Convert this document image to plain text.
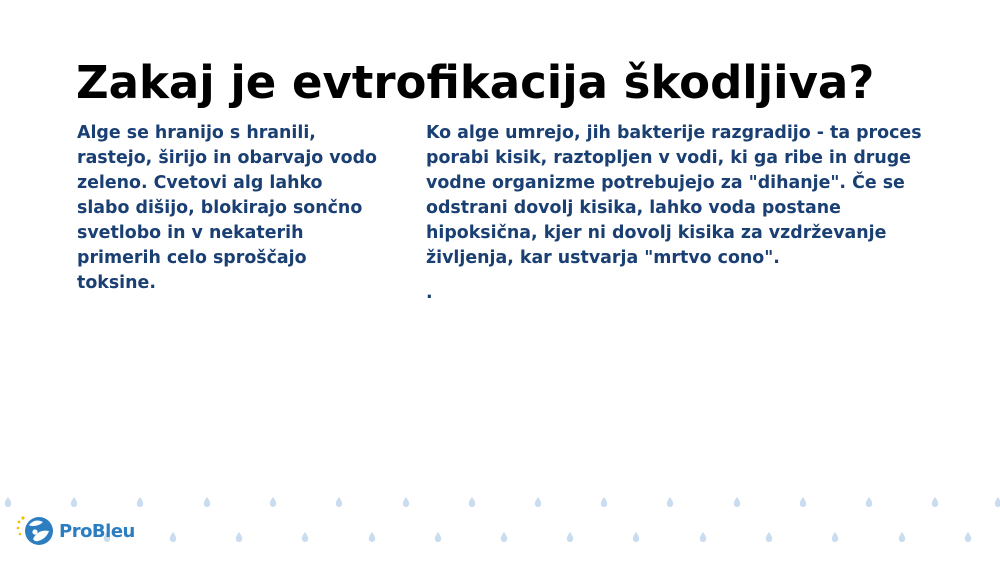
Zakaj je evtrofikacija škodljiva?

Alge se hranijo s hranili, rastejo, širijo in obarvajo vodo zeleno. Cvetovi alg lahko slabo dišijo, blokirajo sončno svetlobo in v nekaterih primerih celo sproščajo toksine.

Ko alge umrejo, jih bakterije razgradijo - ta proces porabi kisik, raztopljen v vodi, ki ga ribe in druge vodne organizme potrebujejo za "dihanje". Če se odstrani dovolj kisika, lahko voda postane hipoksična, kjer ni dovolj kisika za vzdrževanje življenja, kar ustvarja "mrtvo cono".

.

ProBleu
